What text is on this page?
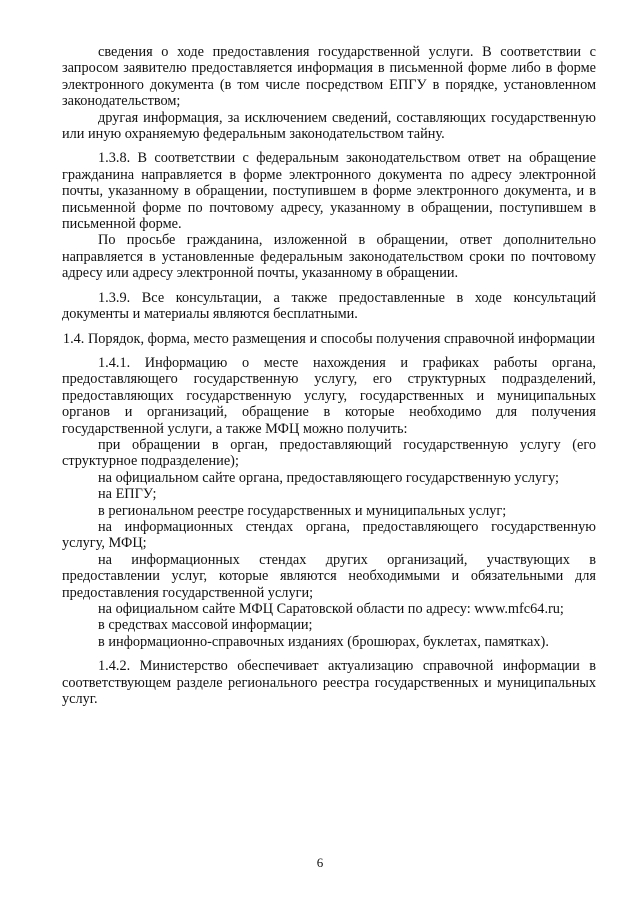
сведения о ходе предоставления государственной услуги. В соответствии с запросом заявителю предоставляется информация в письменной форме либо в форме электронного документа (в том числе посредством ЕПГУ в порядке, установленном законодательством;

другая информация, за исключением сведений, составляющих государственную или иную охраняемую федеральным законодательством тайну.

1.3.8. В соответствии с федеральным законодательством ответ на обращение гражданина направляется в форме электронного документа по адресу электронной почты, указанному в обращении, поступившем в форме электронного документа, и в письменной форме по почтовому адресу, указанному в обращении, поступившем в письменной форме.

По просьбе гражданина, изложенной в обращении, ответ дополнительно направляется в установленные федеральным законодательством сроки по почтовому адресу или адресу электронной почты, указанному в обращении.

1.3.9. Все консультации, а также предоставленные в ходе консультаций документы и материалы являются бесплатными.

1.4. Порядок, форма, место размещения и способы получения справочной информации

1.4.1. Информацию о месте нахождения и графиках работы органа, предоставляющего государственную услугу, его структурных подразделений, предоставляющих государственную услугу, государственных и муниципальных органов и организаций, обращение в которые необходимо для получения государственной услуги, а также МФЦ можно получить:

при обращении в орган, предоставляющий государственную услугу (его структурное подразделение);

на официальном сайте органа, предоставляющего государственную услугу;

на ЕПГУ;

в региональном реестре государственных и муниципальных услуг;

на информационных стендах органа, предоставляющего государственную услугу, МФЦ;

на информационных стендах других организаций, участвующих в предоставлении услуг, которые являются необходимыми и обязательными для предоставления государственной услуги;

на официальном сайте МФЦ Саратовской области по адресу: www.mfc64.ru;

в средствах массовой информации;

в информационно-справочных изданиях (брошюрах, буклетах, памятках).

1.4.2. Министерство обеспечивает актуализацию справочной информации в соответствующем разделе регионального реестра государственных и муниципальных услуг.

6
